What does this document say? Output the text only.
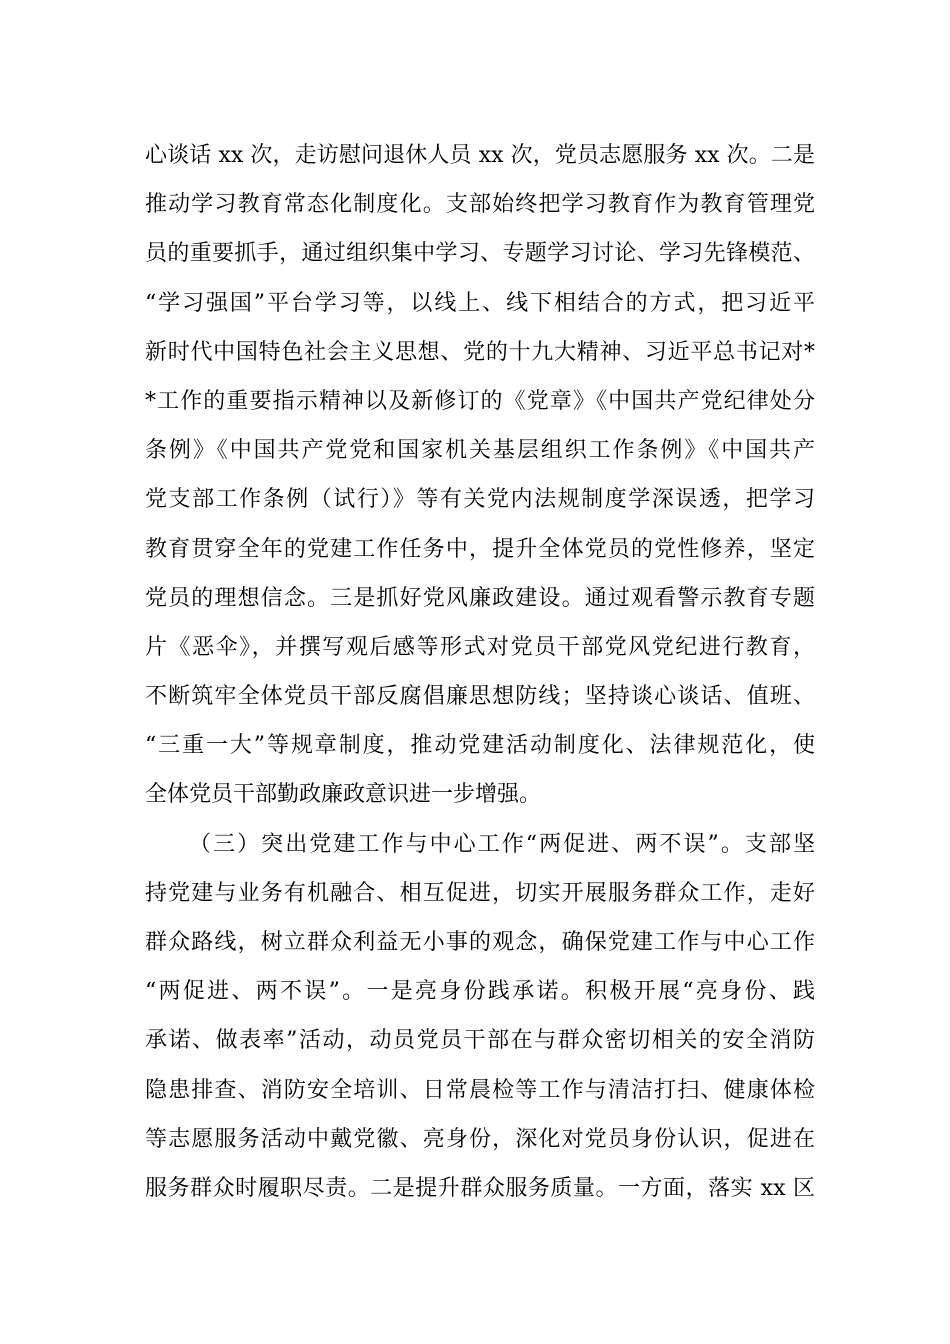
心谈话 xx 次，走访慰问退休人员 xx 次，党员志愿服务 xx 次。二是
推动学习教育常态化制度化。支部始终把学习教育作为教育管理党
员的重要抓手，通过组织集中学习、专题学习讨论、学习先锋模范、
“学习强国”平台学习等，以线上、线下相结合的方式，把习近平
新时代中国特色社会主义思想、党的十九大精神、习近平总书记对*
*工作的重要指示精神以及新修订的《党章》《中国共产党纪律处分
条例》《中国共产党党和国家机关基层组织工作条例》《中国共产
党支部工作条例（试行）》等有关党内法规制度学深误透，把学习
教育贯穿全年的党建工作任务中，提升全体党员的党性修养，坚定
党员的理想信念。三是抓好党风廉政建设。通过观看警示教育专题
片《恶伞》，并撰写观后感等形式对党员干部党风党纪进行教育，
不断筑牢全体党员干部反腐倡廉思想防线；坚持谈心谈话、值班、
“三重一大”等规章制度，推动党建活动制度化、法律规范化，使
全体党员干部勤政廉政意识进一步增强。
（三）突出党建工作与中心工作“两促进、两不误”。支部坚
持党建与业务有机融合、相互促进，切实开展服务群众工作，走好
群众路线，树立群众利益无小事的观念，确保党建工作与中心工作
“两促进、两不误”。一是亮身份践承诺。积极开展“亮身份、践
承诺、做表率”活动，动员党员干部在与群众密切相关的安全消防
隐患排查、消防安全培训、日常晨检等工作与清洁打扫、健康体检
等志愿服务活动中戴党徽、亮身份，深化对党员身份认识，促进在
服务群众时履职尽责。二是提升群众服务质量。一方面，落实 xx 区
